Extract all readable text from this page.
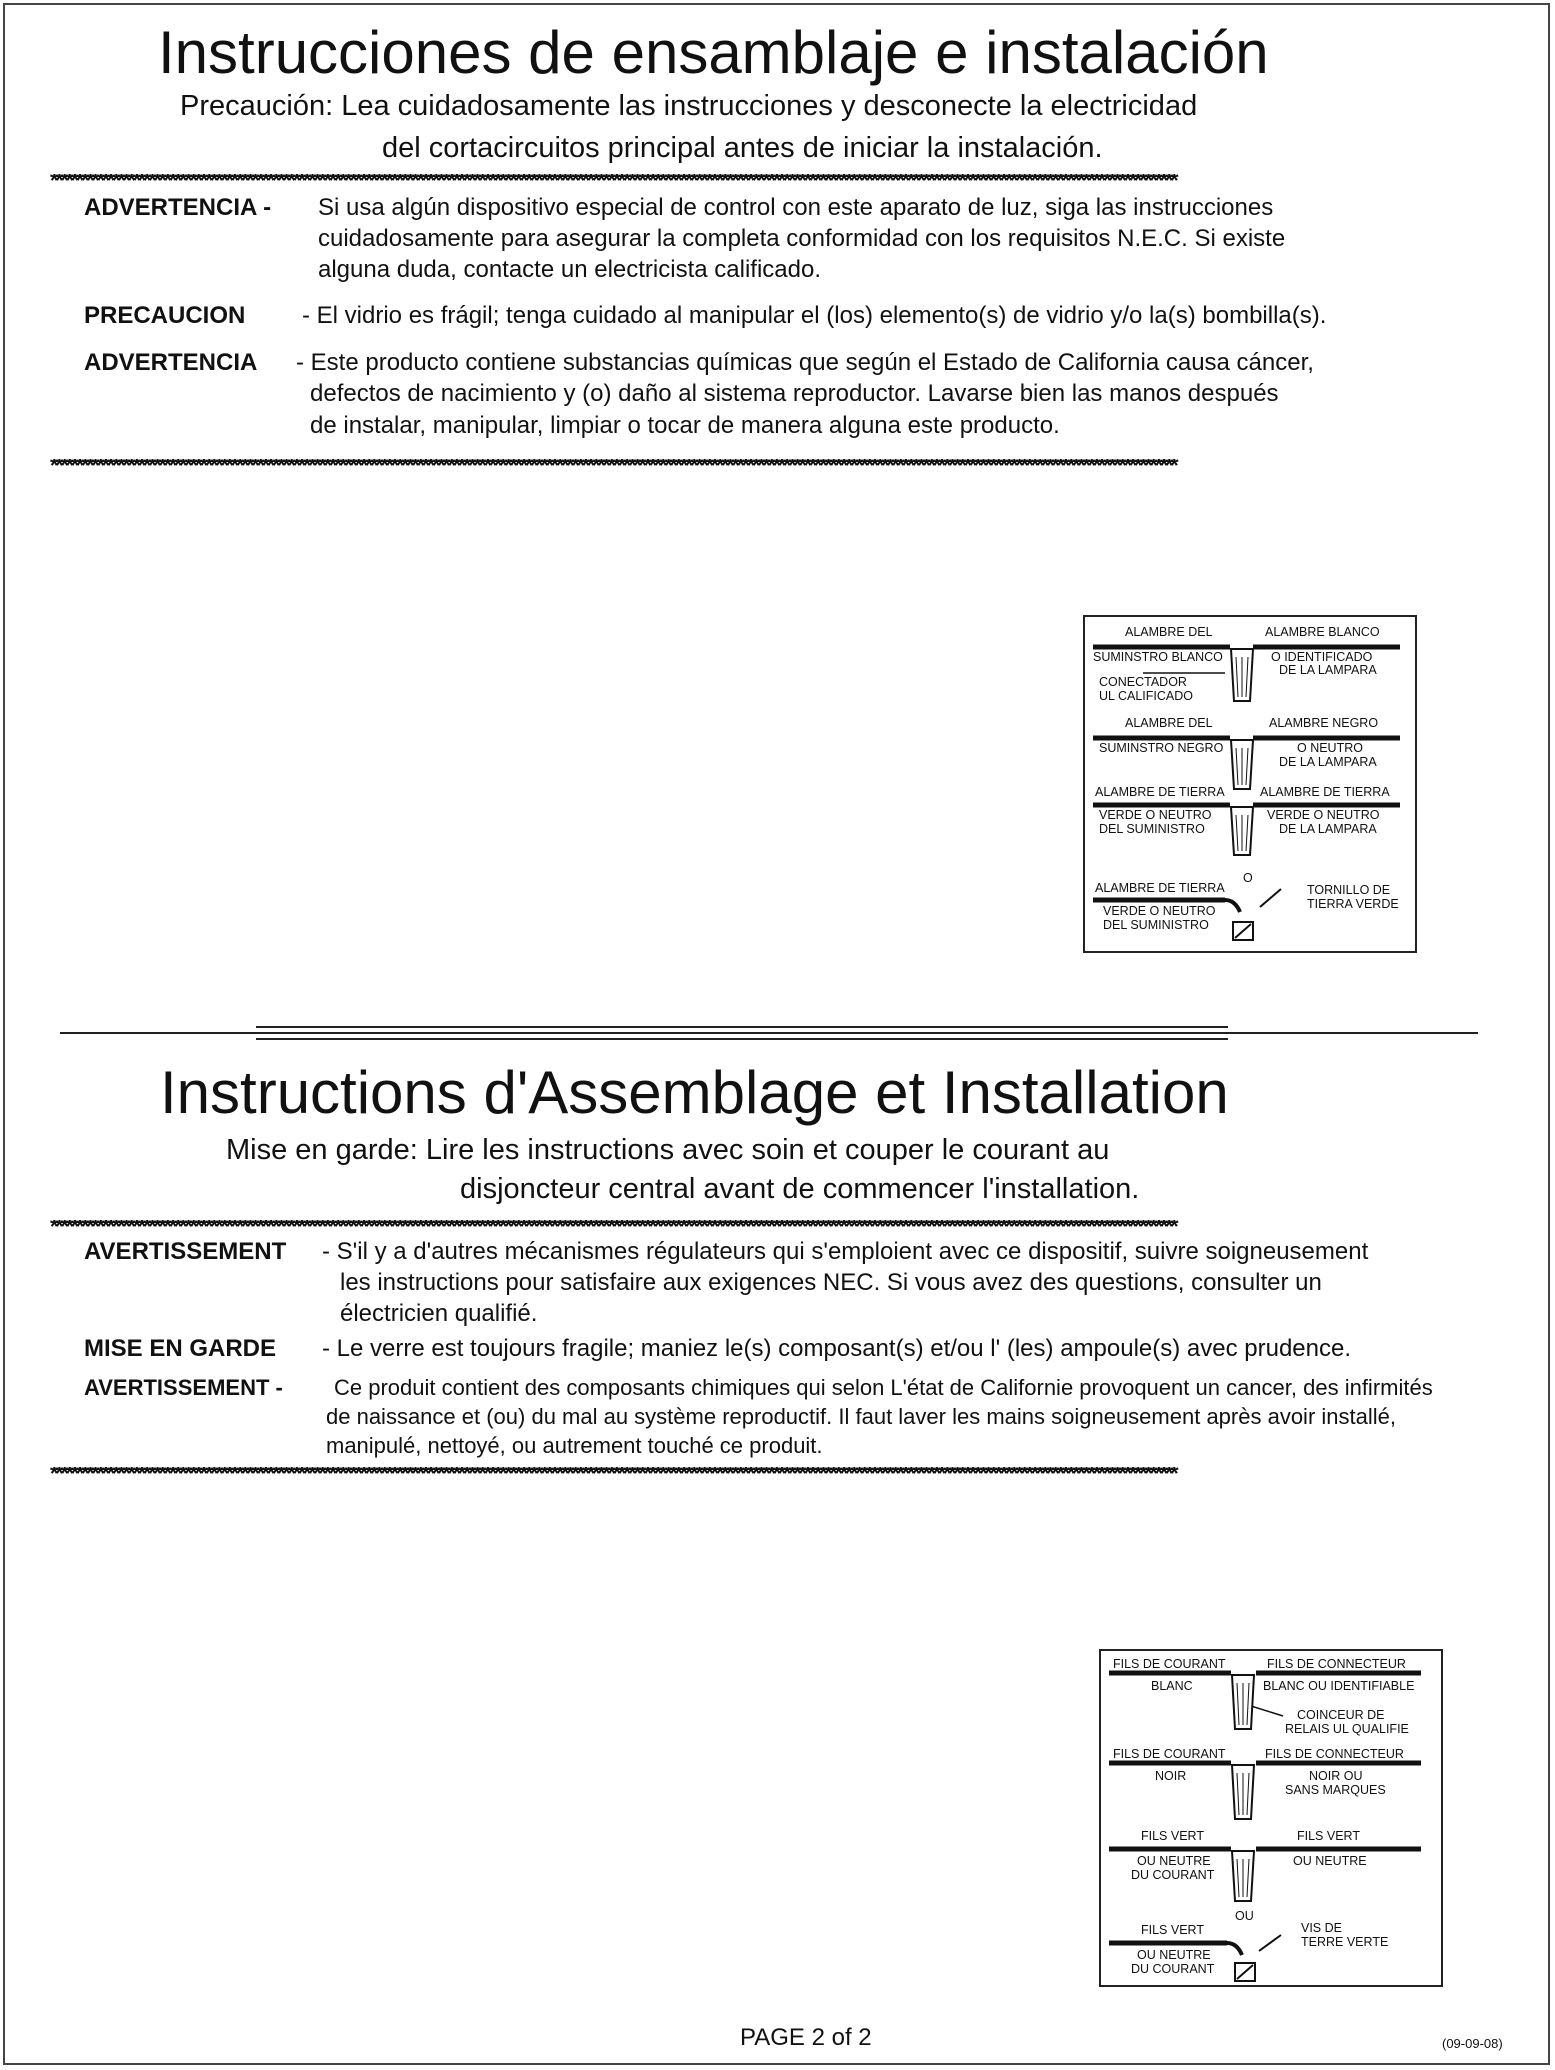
Instrucciones de ensamblaje e instalación
Precaución: Lea cuidadosamente las instrucciones y desconecte la electricidad
del cortacircuitos principal antes de iniciar la instalación.
**************************************************************************************************************************************************************************************************************************
ADVERTENCIA - Si usa algún dispositivo especial de control con este aparato de luz, siga las instrucciones
cuidadosamente para asegurar la completa conformidad con los requisitos N.E.C. Si existe
alguna duda, contacte un electricista calificado.
PRECAUCION - El vidrio es frágil; tenga cuidado al manipular el (los) elemento(s) de vidrio y/o la(s) bombilla(s).
ADVERTENCIA - Este producto contiene substancias químicas que según el Estado de California causa cáncer,
defectos de nacimiento y (o) daño al sistema reproductor. Lavarse bien las manos después
de instalar, manipular, limpiar o tocar de manera alguna este producto.
**************************************************************************************************************************************************************************************************************************
ALAMBRE DEL
SUMINSTRO BLANCO
ALAMBRE BLANCO
O IDENTIFICADO
DE LA LAMPARA
CONECTADOR
UL CALIFICADO
ALAMBRE DEL
SUMINSTRO NEGRO
ALAMBRE NEGRO
O NEUTRO
DE LA LAMPARA
ALAMBRE DE TIERRA
VERDE O NEUTRO
DEL SUMINISTRO
ALAMBRE DE TIERRA
VERDE O NEUTRO
DE LA LAMPARA
O
ALAMBRE DE TIERRA
VERDE O NEUTRO
DEL SUMINISTRO
TORNILLO DE
TIERRA VERDE
Instructions d'Assemblage et Installation
Mise en garde: Lire les instructions avec soin et couper le courant au
disjoncteur central avant de commencer l'installation.
**************************************************************************************************************************************************************************************************************************
AVERTISSEMENT - S'il y a d'autres mécanismes régulateurs qui s'emploient avec ce dispositif, suivre soigneusement
les instructions pour satisfaire aux exigences NEC. Si vous avez des questions, consulter un
électricien qualifié.
MISE EN GARDE - Le verre est toujours fragile; maniez le(s) composant(s) et/ou l' (les) ampoule(s) avec prudence.
AVERTISSEMENT - Ce produit contient des composants chimiques qui selon L'état de Californie provoquent un cancer, des infirmités
de naissance et (ou) du mal au système reproductif. Il faut laver les mains soigneusement après avoir installé,
manipulé, nettoyé, ou autrement touché ce produit.
**************************************************************************************************************************************************************************************************************************
FILS DE COURANT
BLANC
FILS DE CONNECTEUR
BLANC OU IDENTIFIABLE
COINCEUR DE
RELAIS UL QUALIFIE
FILS DE COURANT
NOIR
FILS DE CONNECTEUR
NOIR OU
SANS MARQUES
FILS VERT
OU NEUTRE
DU COURANT
FILS VERT
OU NEUTRE
OU
FILS VERT
OU NEUTRE
DU COURANT
VIS DE
TERRE VERTE
PAGE 2 of 2	(09-09-08)
